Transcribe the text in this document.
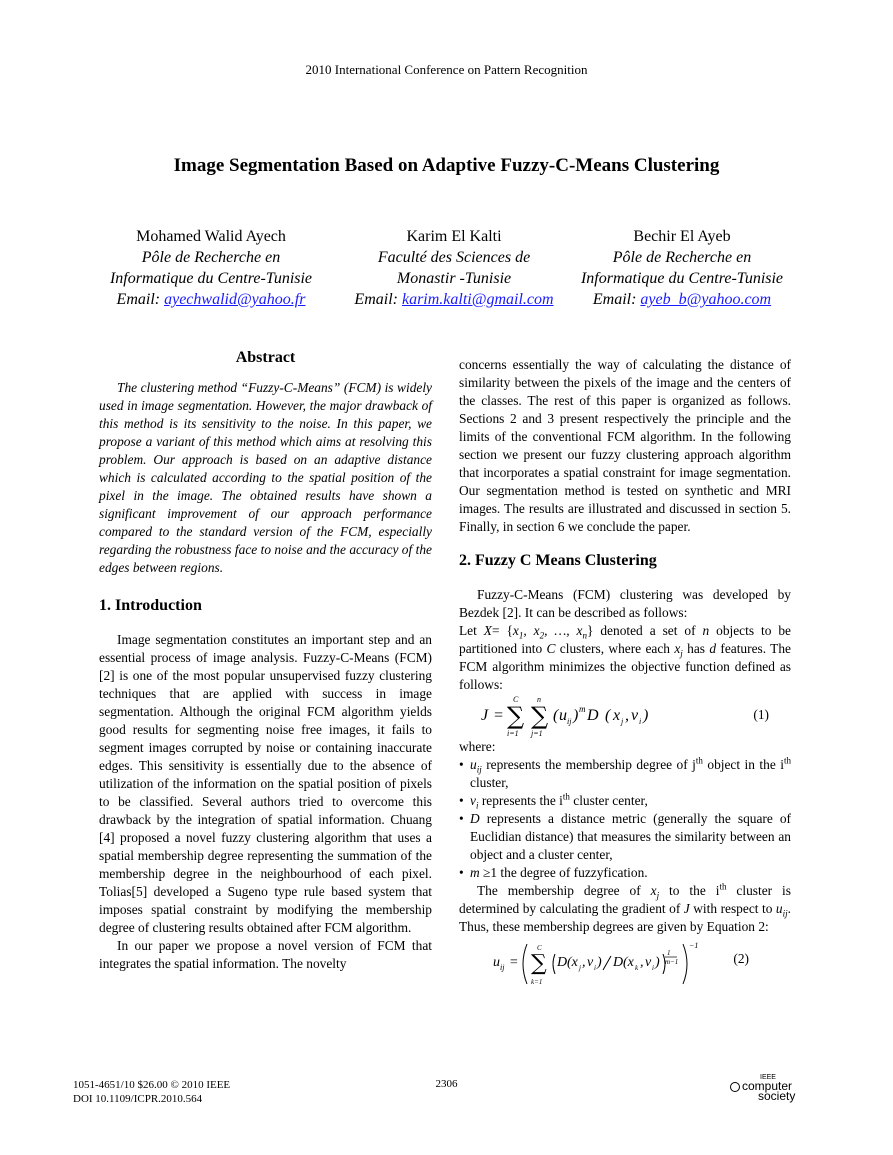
2010 International Conference on Pattern Recognition
Image Segmentation Based on Adaptive Fuzzy-C-Means Clustering
Mohamed Walid Ayech
Pôle de Recherche en
Informatique du Centre-Tunisie
Email: ayechwalid@yahoo.fr
Karim El Kalti
Faculté des Sciences de
Monastir -Tunisie
Email: karim.kalti@gmail.com
Bechir El Ayeb
Pôle de Recherche en
Informatique du Centre-Tunisie
Email: ayeb_b@yahoo.com
Abstract

The clustering method “Fuzzy-C-Means” (FCM) is widely used in image segmentation. However, the major drawback of this method is its sensitivity to the noise. In this paper, we propose a variant of this method which aims at resolving this problem. Our approach is based on an adaptive distance which is calculated according to the spatial position of the pixel in the image. The obtained results have shown a significant improvement of our approach performance compared to the standard version of the FCM, especially regarding the robustness face to noise and the accuracy of the edges between regions.

1. Introduction

Image segmentation constitutes an important step and an essential process of image analysis. Fuzzy-C-Means (FCM) [2] is one of the most popular unsupervised fuzzy clustering techniques that are applied with success in image segmentation. Although the original FCM algorithm yields good results for segmenting noise free images, it fails to segment images corrupted by noise or containing inaccurate edges. This sensitivity is essentially due to the absence of utilization of the information on the spatial position of pixels to be classified. Several authors tried to overcome this drawback by the integration of spatial information. Chuang [4] proposed a novel fuzzy clustering algorithm that uses a spatial membership degree representing the summation of the membership degree in the neighbourhood of each pixel. Tolias[5] developed a Sugeno type rule based system that imposes spatial constraint by modifying the membership degree of clustering results obtained after FCM algorithm.

In our paper we propose a novel version of FCM that integrates the spatial information. The novelty

concerns essentially the way of calculating the distance of similarity between the pixels of the image and the centers of the classes. The rest of this paper is organized as follows. Sections 2 and 3 present respectively the principle and the limits of the conventional FCM algorithm. In the following section we present our fuzzy clustering approach algorithm that incorporates a spatial constraint for image segmentation. Our segmentation method is tested on synthetic and MRI images. The results are illustrated and discussed in section 5. Finally, in section 6 we conclude the paper.

2. Fuzzy C Means Clustering

Fuzzy-C-Means (FCM) clustering was developed by Bezdek [2]. It can be described as follows:

Let $X= \{x_1$, $x_2$, …, $x_n$} denoted a set of n objects to be partitioned into C clusters, where each $x_j$ has d features. The FCM algorithm minimizes the objective function defined as follows:

J = ∑
C
i=1
∑
n
j=1
( u ij ) m D ( x j , v i )	(1)

where:

• $u_{ij}$ represents the membership degree of $j^{th}$ object in the $i^{th}$ cluster,
• $v_i$ represents the $i^{th}$ cluster center,
• D represents a distance metric (generally the square of Euclidian distance) that measures the similarity between an object and a cluster center,
• m ≥1 the degree of fuzzyfication.

The membership degree of $x_j$ to the $i^{th}$ cluster is determined by calculating the gradient of J with respect to $u_{ij}$. Thus, these membership degrees are given by Equation 2:

u ij = ∑
C
k=1
D (x j , v i ) D (x k , v i )
1
m−1
−1
(2)
1051-4651/10 $26.00 © 2010 IEEE
DOI 10.1109/ICPR.2010.564
2306
IEEE
computer
society
